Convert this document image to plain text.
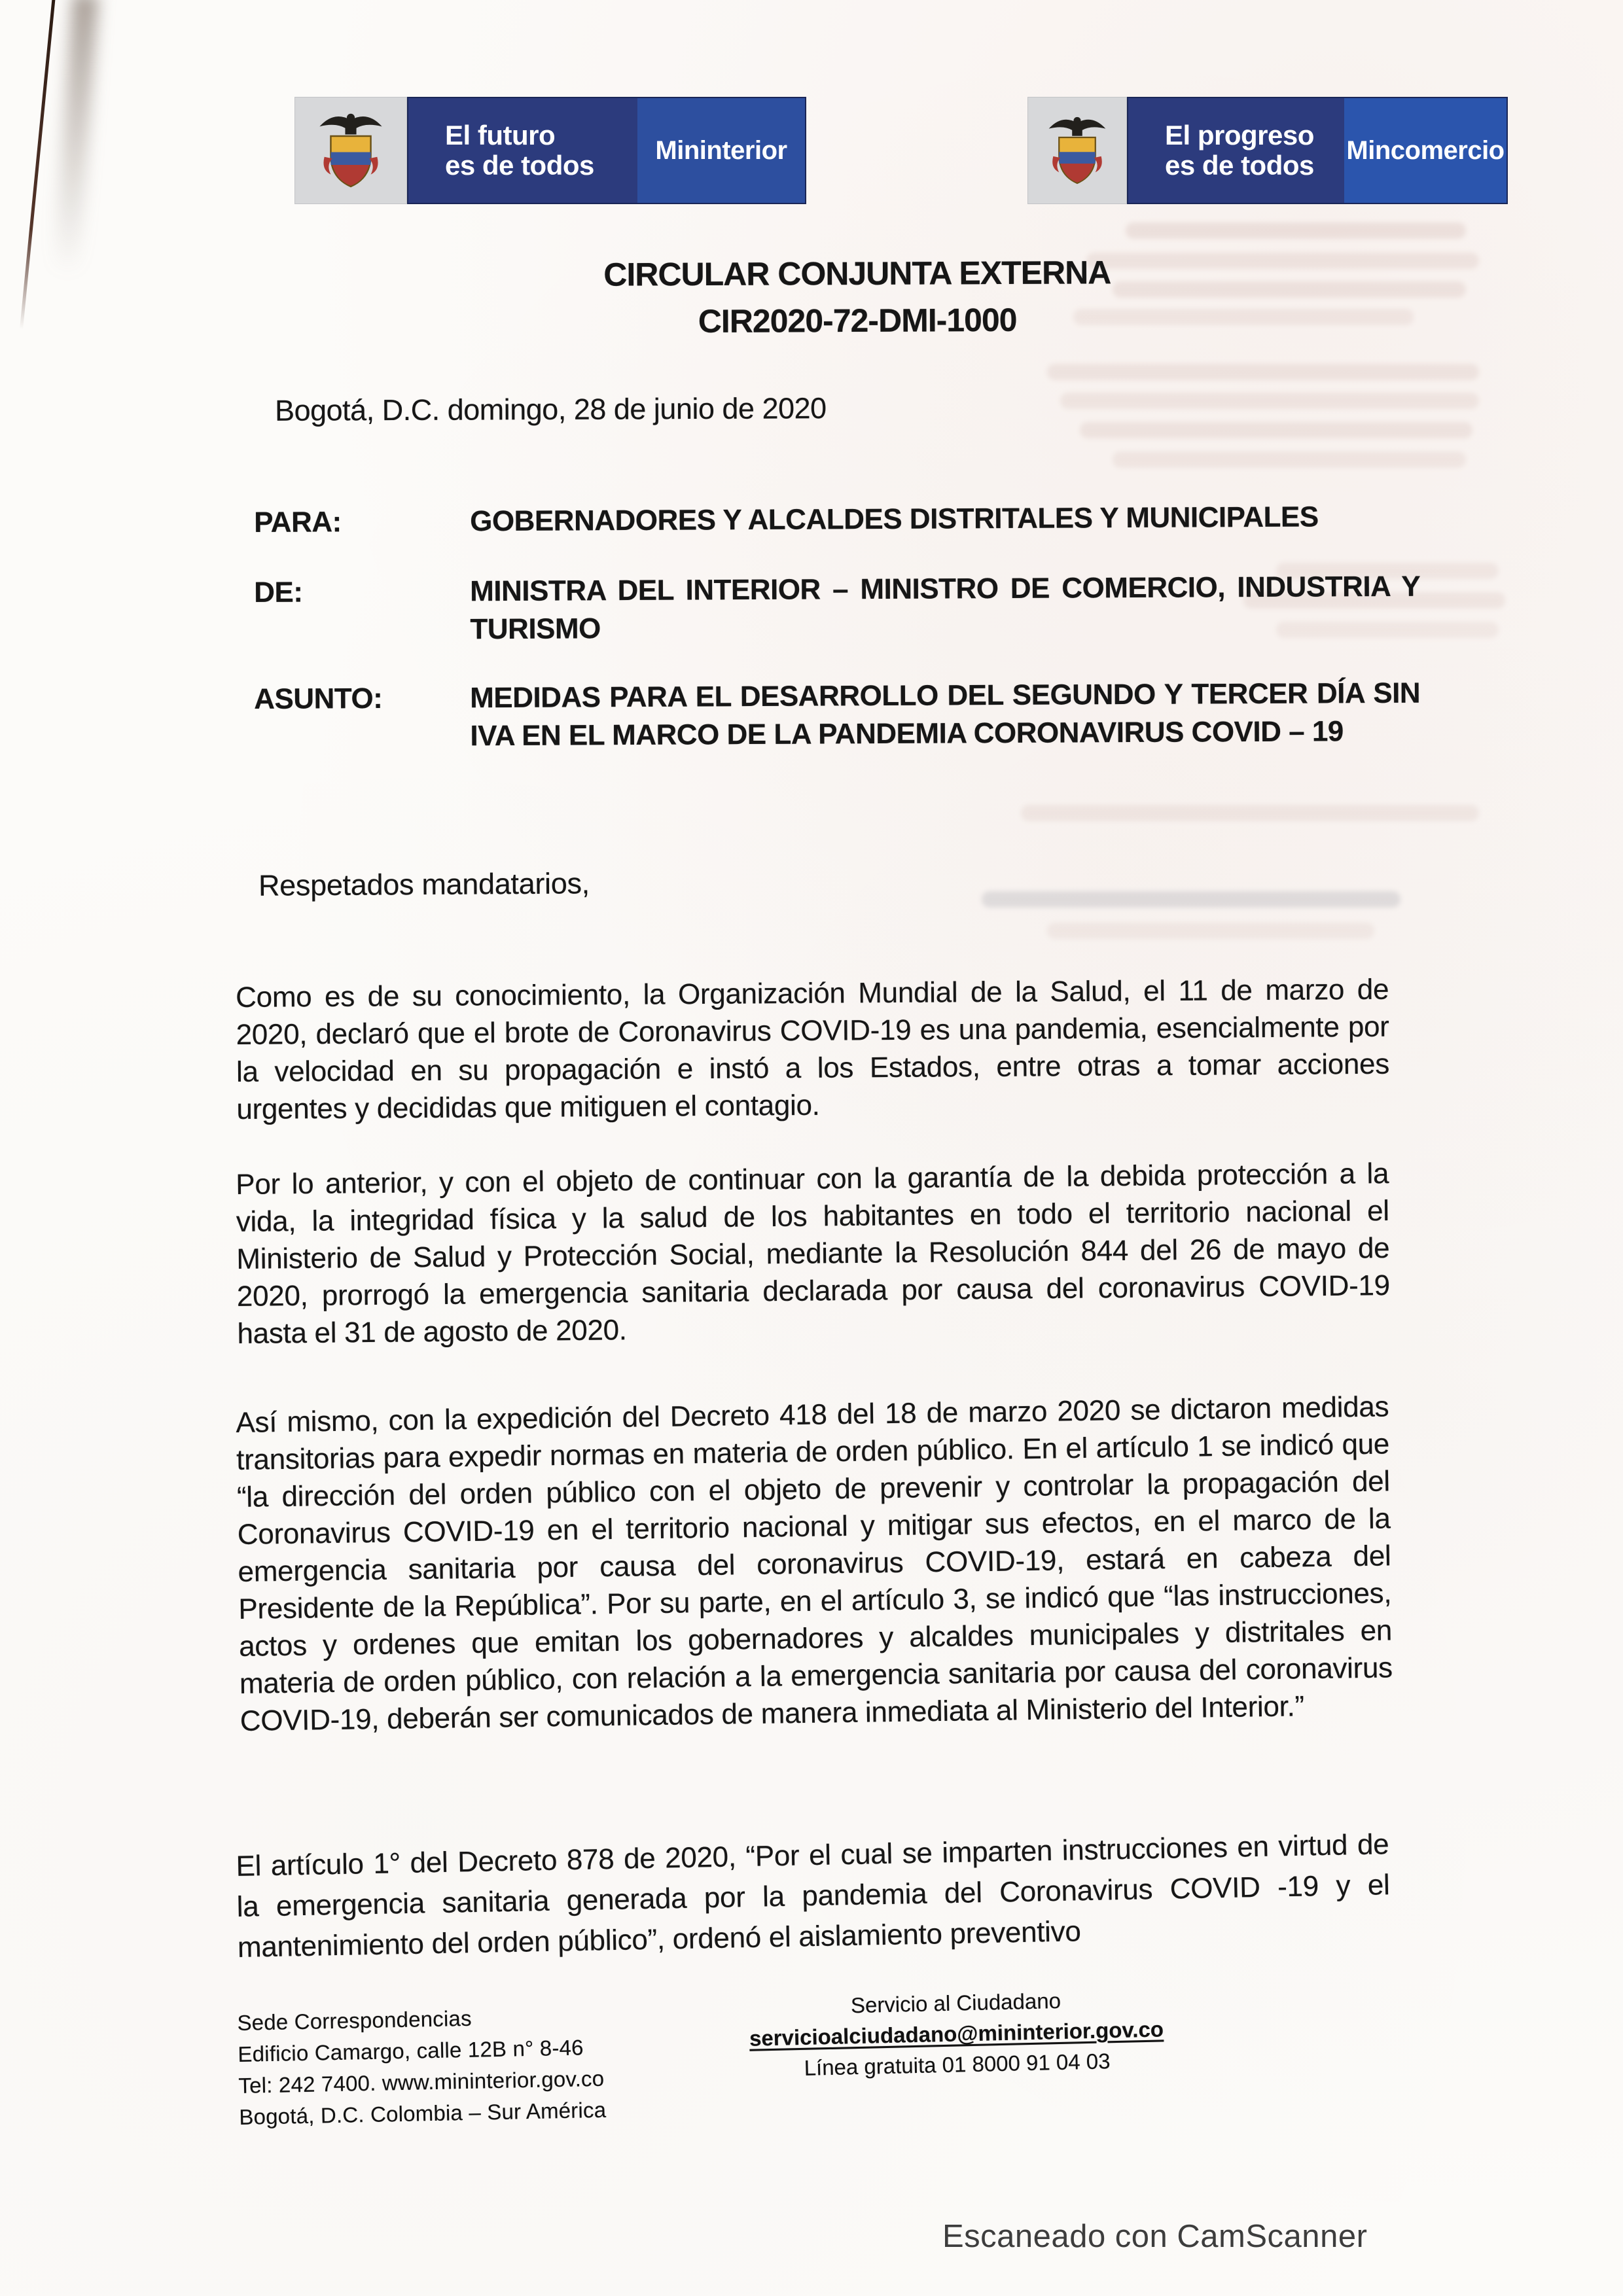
El futuro
es de todos	Mininterior	El progreso
es de todos	Mincomercio
CIRCULAR CONJUNTA EXTERNA
CIR2020-72-DMI-1000
Bogotá, D.C. domingo, 28 de junio de 2020
PARA:	GOBERNADORES Y ALCALDES DISTRITALES Y MUNICIPALES
DE:	MINISTRA DEL INTERIOR – MINISTRO DE COMERCIO, INDUSTRIA Y TURISMO
ASUNTO:	MEDIDAS PARA EL DESARROLLO DEL SEGUNDO Y TERCER DÍA SIN IVA EN EL MARCO DE LA PANDEMIA CORONAVIRUS COVID – 19
Respetados mandatarios,
Como es de su conocimiento, la Organización Mundial de la Salud, el 11 de marzo de 2020, declaró que el brote de Coronavirus COVID-19 es una pandemia, esencialmente por la velocidad en su propagación e instó a los Estados, entre otras a tomar acciones urgentes y decididas que mitiguen el contagio.
Por lo anterior, y con el objeto de continuar con la garantía de la debida protección a la vida, la integridad física y la salud de los habitantes en todo el territorio nacional el Ministerio de Salud y Protección Social, mediante la Resolución 844 del 26 de mayo de 2020, prorrogó la emergencia sanitaria declarada por causa del coronavirus COVID-19 hasta el 31 de agosto de 2020.
Así mismo, con la expedición del Decreto 418 del 18 de marzo 2020 se dictaron medidas transitorias para expedir normas en materia de orden público. En el artículo 1 se indicó que “la dirección del orden público con el objeto de prevenir y controlar la propagación del Coronavirus COVID-19 en el territorio nacional y mitigar sus efectos, en el marco de la emergencia sanitaria por causa del coronavirus COVID-19, estará en cabeza del Presidente de la República”. Por su parte, en el artículo 3, se indicó que “las instrucciones, actos y ordenes que emitan los gobernadores y alcaldes municipales y distritales en materia de orden público, con relación a la emergencia sanitaria por causa del coronavirus COVID-19, deberán ser comunicados de manera inmediata al Ministerio del Interior.”
El artículo 1° del Decreto 878 de 2020, “Por el cual se imparten instrucciones en virtud de la emergencia sanitaria generada por la pandemia del Coronavirus COVID -19 y el mantenimiento del orden público”, ordenó el aislamiento preventivo
Sede Correspondencias
Edificio Camargo, calle 12B n° 8-46
Tel: 242 7400. www.mininterior.gov.co
Bogotá, D.C. Colombia – Sur América
Servicio al Ciudadano
servicioalciudadano@mininterior.gov.co
Línea gratuita 01 8000 91 04 03
Escaneado con CamScanner
